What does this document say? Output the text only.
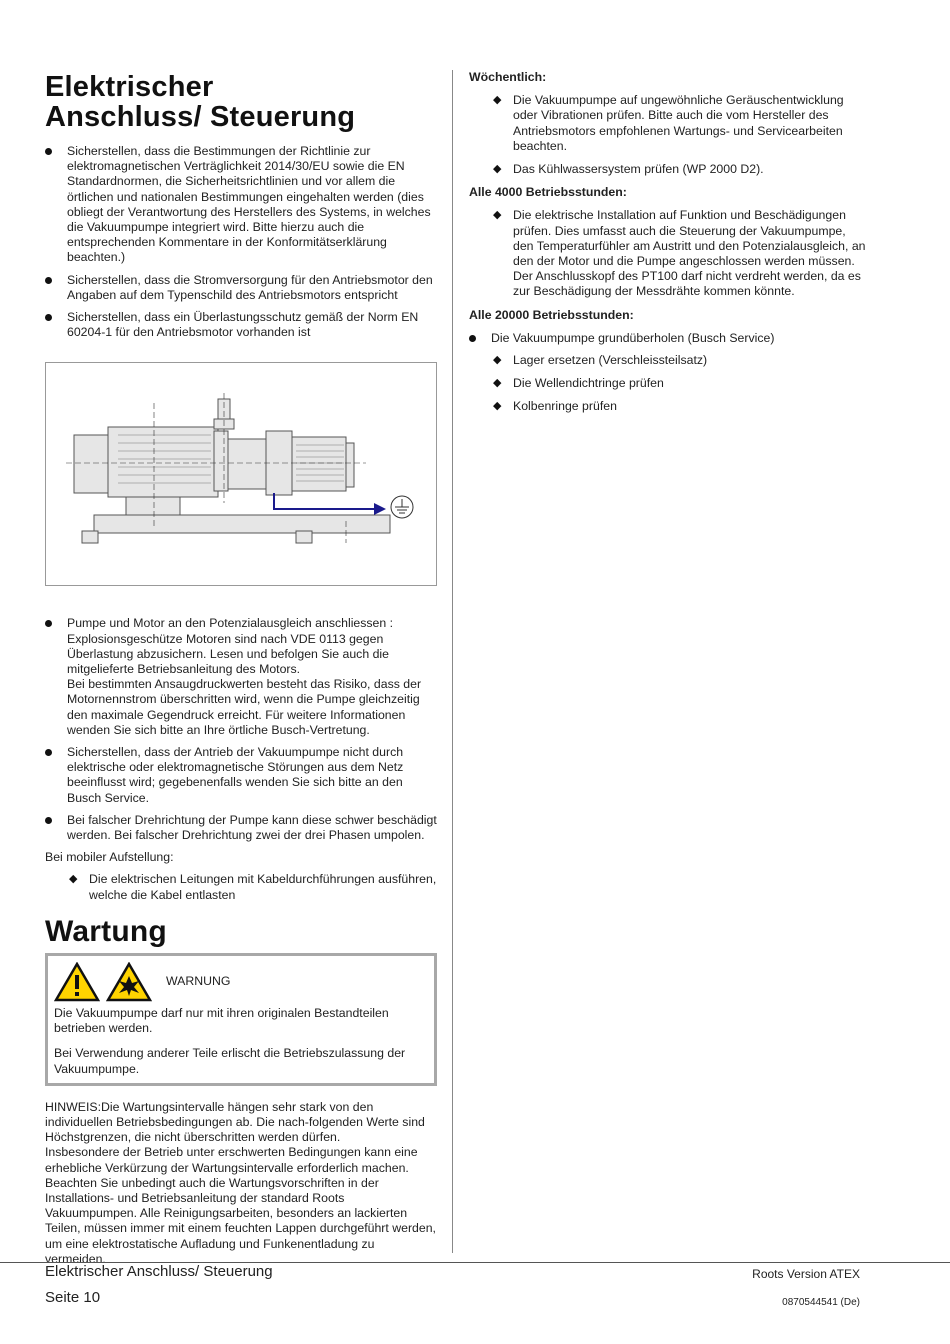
Elektrischer Anschluss/ Steuerung
Sicherstellen, dass die Bestimmungen der Richtlinie zur elektromagnetischen Verträglichkeit 2014/30/EU sowie die EN Standardnormen, die Sicherheitsrichtlinien und vor allem die örtlichen und nationalen Bestimmungen eingehalten werden (dies obliegt der Verantwortung des Herstellers des Systems, in welches die Vakuumpumpe integriert wird. Bitte hierzu auch die entsprechenden Kommentare in der Konformitätserklärung beachten.)
Sicherstellen, dass die Stromversorgung für den Antriebsmotor den Angaben auf dem Typenschild des Antriebsmotors entspricht
Sicherstellen, dass ein Überlastungsschutz gemäß der Norm EN 60204-1 für den Antriebsmotor vorhanden ist
Pumpe und Motor an den Potenzialausgleich anschliessen :
Explosionsgeschütze Motoren sind nach VDE 0113 gegen Überlastung abzusichern. Lesen und befolgen Sie auch die mitgelieferte Betriebsanleitung des Motors.
Bei bestimmten Ansaugdruckwerten besteht das Risiko, dass der Motornennstrom überschritten wird, wenn die Pumpe gleichzeitig den maximale Gegendruck erreicht. Für weitere Informationen wenden Sie sich bitte an Ihre örtliche Busch-Vertretung.
Sicherstellen, dass der Antrieb der Vakuumpumpe nicht durch elektrische oder elektromagnetische Störungen aus dem Netz beeinflusst wird; gegebenenfalls wenden Sie sich bitte an den Busch Service.
Bei falscher Drehrichtung der Pumpe kann diese schwer beschädigt werden. Bei falscher Drehrichtung zwei der drei Phasen umpolen.

Bei mobiler Aufstellung:

◆ Die elektrischen Leitungen mit Kabeldurchführungen ausführen, welche die Kabel entlasten
Wartung
WARNUNG

Die Vakuumpumpe darf nur mit ihren originalen Bestandteilen betrieben werden.

Bei Verwendung anderer Teile erlischt die Betriebszulassung der Vakuumpumpe.

HINWEIS:Die Wartungsintervalle hängen sehr stark von den individuellen Betriebsbedingungen ab. Die nach-folgenden Werte sind Höchstgrenzen, die nicht überschritten werden dürfen.
Insbesondere der Betrieb unter erschwerten Bedingungen kann eine erhebliche Verkürzung der Wartungsintervalle erforderlich machen. Beachten Sie unbedingt auch die Wartungsvorschriften in der Installations- und Betriebsanleitung der standard Roots Vakuumpumpen. Alle Reinigungsarbeiten, besonders an lackierten Teilen, müssen immer mit einem feuchten Lappen durchgeführt werden, um eine elektrostatische Aufladung und Funkenentladung zu vermeiden.

Wöchentlich:

◆ Die Vakuumpumpe auf ungewöhnliche Geräuschentwicklung oder Vibrationen prüfen. Bitte auch die vom Hersteller des Antriebsmotors empfohlenen Wartungs- und Servicearbeiten beachten.
◆ Das Kühlwassersystem prüfen (WP 2000 D2).

Alle 4000 Betriebsstunden:

◆ Die elektrische Installation auf Funktion und Beschädigungen prüfen. Dies umfasst auch die Steuerung der Vakuumpumpe, den Temperaturfühler am Austritt und den Potenzialausgleich, an den der Motor und die Pumpe angeschlossen werden müssen.
Der Anschlusskopf des PT100 darf nicht verdreht werden, da es zur Beschädigung der Messdrähte kommen könnte.

Alle 20000 Betriebsstunden:

Die Vakuumpumpe grundüberholen (Busch Service)
◆ Lager ersetzen (Verschleissteilsatz)
◆ Die Wellendichtringe prüfen
◆ Kolbenringe prüfen
Elektrischer Anschluss/ Steuerung
Seite 10
Roots Version ATEX
0870544541 (De)
